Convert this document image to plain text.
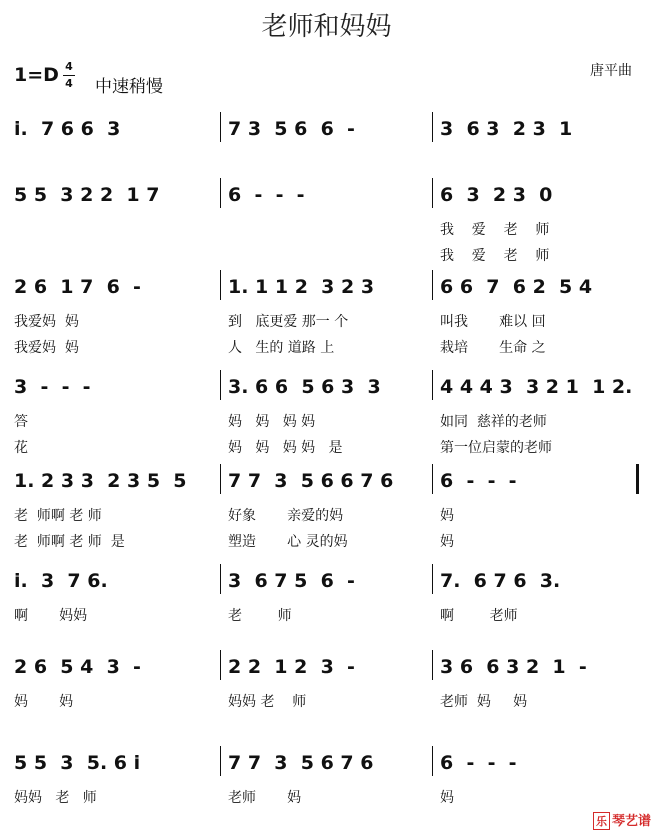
老师和妈妈
1=D 4
4 中速稍慢
唐平曲
i.  7 6 6  3	7 3  5 6  6  -	3  6 3  2 3  1
5 5  3 2 2  1 7	6  -  -  -	6  3  2 3  0
我    爱    老    师
我    爱    老    师
2 6  1 7  6  -	1. 1 1 2  3 2 3	6 6  7  6 2  5 4
我爱妈  妈	到   底更爱 那一 个	叫我       难以 回
我爱妈  妈	人   生的 道路 上	栽培       生命 之
3  -  -  -	3. 6 6  5 6 3  3	4 4 4 3  3 2 1  1 2.
答	妈   妈   妈 妈	如同  慈祥的老师
花	妈   妈   妈 妈   是	第一位启蒙的老师
1. 2 3 3  2 3 5  5 7 7  3  5 6 6 7 6 6  -  -  -
老  师啊 老 师	好象       亲爱的妈	妈
老  师啊 老 师  是	塑造       心 灵的妈	妈
i.  3  7 6.	3  6 7 5  6  -	7.  6 7 6  3.
啊       妈妈	老        师	啊        老师
2 6  5 4  3  -	2 2  1 2  3  -	3 6  6 3 2  1  -
妈       妈	妈妈 老    师	老师  妈     妈
5 5  3  5. 6 i	7 7  3  5 6 7 6	6  -  -  -
妈妈   老   师	老师       妈	妈
乐 琴艺谱
